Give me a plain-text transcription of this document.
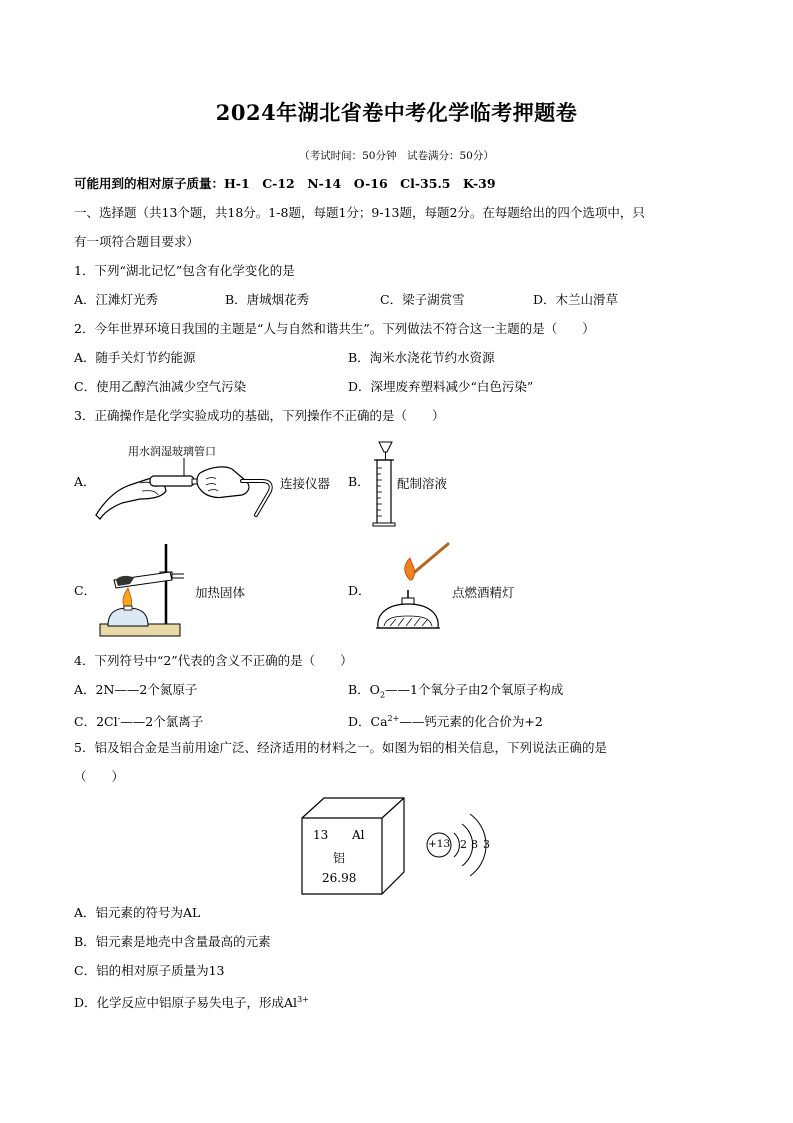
2024年湖北省卷中考化学临考押题卷
（考试时间：50分钟　试卷满分：50分）
可能用到的相对原子质量：H-1　C-12　N-14　O-16　Cl-35.5　K-39
一、选择题（共13个题，共18分。1-8题，每题1分；9-13题，每题2分。在每题给出的四个选项中，只
有一项符合题目要求）
1．下列“湖北记忆”包含有化学变化的是
A．江滩灯光秀	B．唐城烟花秀	C．梁子湖赏雪	D．木兰山滑草
2．今年世界环境日我国的主题是“人与自然和谐共生”。下列做法不符合这一主题的是（　　）
A．随手关灯节约能源	B．淘米水浇花节约水资源
C．使用乙醇汽油减少空气污染	D．深埋废弃塑料减少“白色污染”
3．正确操作是化学实验成功的基础，下列操作不正确的是（　　）
A．
用水润湿玻璃管口
连接仪器 B． 配制溶液
C．	加热固体	D．	点燃酒精灯
4．下列符号中“2”代表的含义不正确的是（　　）
A．2N——2个氮原子	B．$O_2——1$个氧分子由2个氧原子构成
C．2Cl-——2个氯离子	D．$Ca^{2+}——$钙元素的化合价为+2
5．铝及铝合金是当前用途广泛、经济适用的材料之一。如图为铝的相关信息，下列说法正确的是
（　　）
13 Al
铝
26.98
+13 2 8 3
A．铝元素的符号为AL
B．铝元素是地壳中含量最高的元素
C．铝的相对原子质量为13
D．化学反应中铝原子易失电子，形成$Al^{3+}$
